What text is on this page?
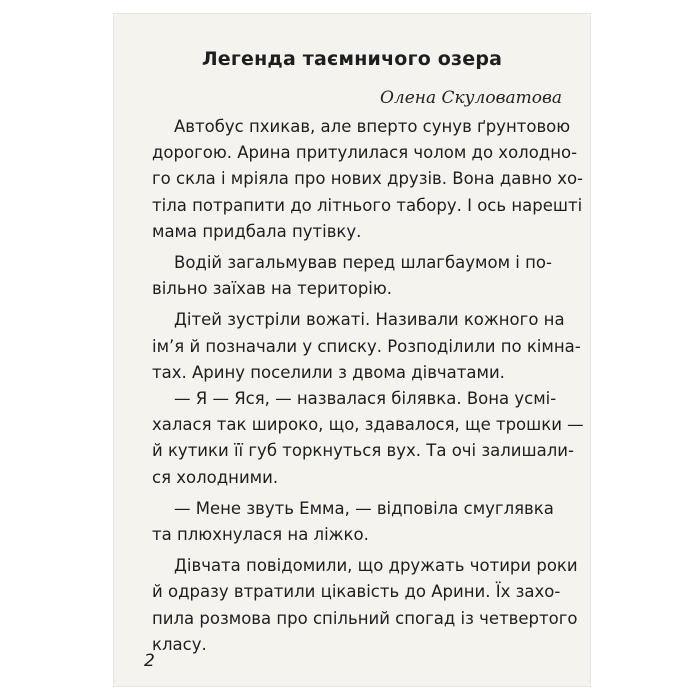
Легенда таємничого озера
Олена Скуловатова
Автобус пхикав, але вперто сунув ґрунтовою
дорогою. Арина притулилася чолом до холодно-
го скла і мріяла про нових друзів. Вона давно хо-
тіла потрапити до літнього табору. І ось нарешті
мама придбала путівку.
Водій загальмував перед шлагбаумом і по-
вільно заїхав на територію.
Дітей зустріли вожаті. Називали кожного на
ім’я й позначали у списку. Розподілили по кімна-
тах. Арину поселили з двома дівчатами.
— Я — Яся, — назвалася білявка. Вона усмі-
халася так широко, що, здавалося, ще трошки —
й кутики її губ торкнуться вух. Та очі залишали-
ся холодними.
— Мене звуть Емма, — відповіла смуглявка
та плюхнулася на ліжко.
Дівчата повідомили, що дружать чотири роки
й одразу втратили цікавість до Арини. Їх захо-
пила розмова про спільний спогад із четвертого
класу.
2
